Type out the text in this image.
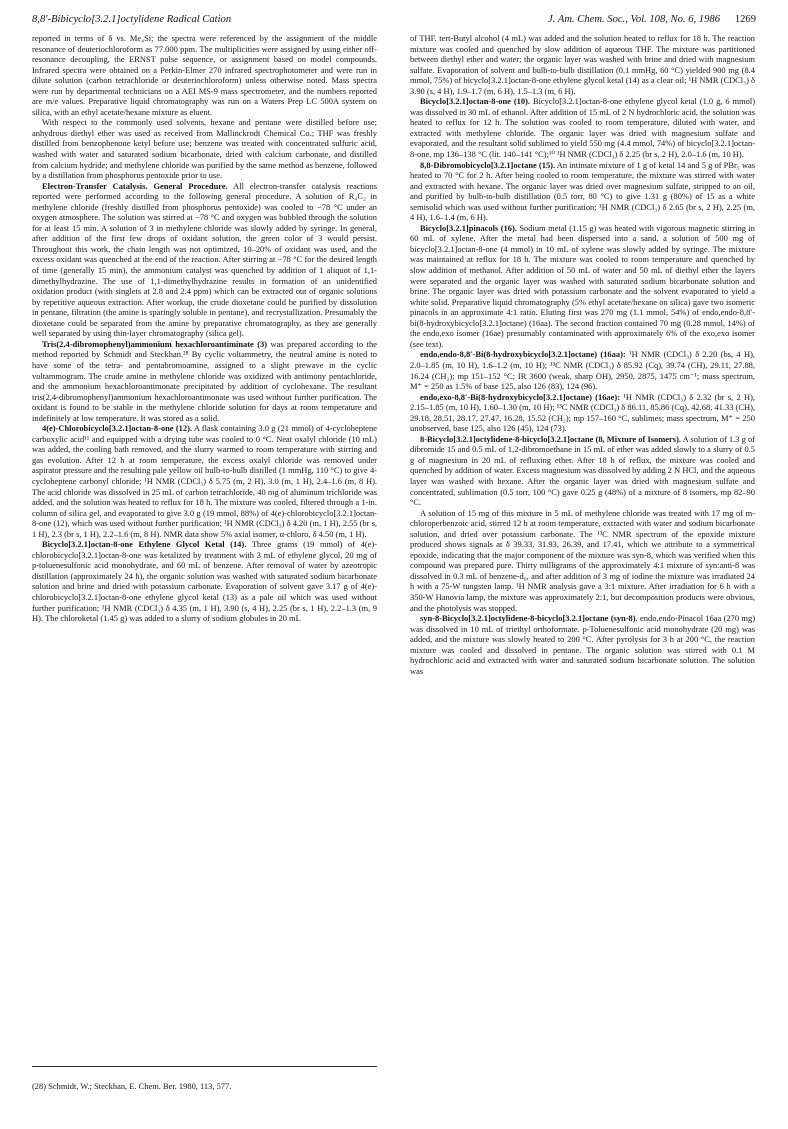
8,8′-Bibicyclo[3.2.1]octylidene Radical Cation	J. Am. Chem. Soc., Vol. 108, No. 6, 1986 1269

reported in terms of δ vs. Me₄Si; the spectra were referenced by the assignment of the middle resonance of deuteriochloroform as 77.000 ppm. The multiplicities were assigned by using either off-resonance decoupling, the ERNST pulse sequence, or assignment based on model compounds. Infrared spectra were obtained on a Perkin-Elmer 270 infrared spectrophotometer and were run in dilute solution (carbon tetrachloride or deuteriochloroform) unless otherwise noted. Mass spectra were run by departmental technicians on a AEI MS-9 mass spectrometer, and the numbers reported are m/e values. Preparative liquid chromatography was run on a Waters Prep LC 500A system on silica, with an ethyl acetate/hexane mixture as eluent.

With respect to the commonly used solvents, hexane and pentane were distilled before use; anhydrous diethyl ether was used as received from Mallinckrodt Chemical Co.; THF was freshly distilled from benzophenone ketyl before use; benzene was treated with concentrated sulfuric acid, washed with water and saturated sodium bicarbonate, dried with calcium carbonate, and distilled from calcium hydride; and methylene chloride was purified by the same method as benzene, followed by a distillation from phosphorus pentoxide prior to use.

Electron-Transfer Catalysis. General Procedure. All electron-transfer catalysis reactions reported were performed according to the following general procedure. A solution of R₄C₂ in methylene chloride (freshly distilled from phosphorus pentoxide) was cooled to −78 °C under an oxygen atmosphere. The solution was stirred at −78 °C and oxygen was bubbled through the solution for at least 15 min. A solution of 3 in methylene chloride was slowly added by syringe. In general, after addition of the first few drops of oxidant solution, the green color of 3 would persist. Throughout this work, the chain length was not optimized, 10–20% of oxidant was used, and the excess oxidant was quenched at the end of the reaction. After stirring at −78 °C for the desired length of time (generally 15 min), the ammonium catalyst was quenched by addition of 1 aliquot of 1,1-dimethylhydrazine. The use of 1,1-dimethylhydrazine results in formation of an unidentified oxidation product (with singlets at 2.8 and 2.4 ppm) which can be extracted out of organic solutions by repetitive aqueous extraction. After workup, the crude dioxetane could be purified by dissolution in pentane, filtration (the amine is sparingly soluble in pentane), and recrystallization. Presumably the dioxetane could be separated from the amine by preparative chromatography, as they are generally well separated by using thin-layer chromatography (silica gel).

Tris(2,4-dibromophenyl)ammonium hexachloroantiminate (3) was prepared according to the method reported by Schmidt and Steckhan.²⁸ By cyclic voltammetry, the neutral amine is noted to have some of the tetra- and pentabromoamine, assigned to a slight prewave in the cyclic voltammogram. The crude amine in methylene chloride was oxidized with antimony pentachloride, and the ammonium hexachloroantimonate precipitated by addition of cyclohexane. The resultant tris(2,4-dibromophenyl)ammonium hexachloroantimonate was used without further purification. The oxidant is found to be stable in the methylene chloride solution for days at room temperature and indefinitely at low temperature. It was stored as a solid.

4(e)-Chlorobicyclo[3.2.1]octan-8-one (12). A flask containing 3.0 g (21 mmol) of 4-cycloheptene carboxylic acid¹¹ and equipped with a drying tube was cooled to 0 °C. Neat oxalyl chloride (10 mL) was added, the cooling bath removed, and the slurry warmed to room temperature with stirring and gas evolution. After 12 h at room temperature, the excess oxalyl chloride was removed under aspirator pressure and the resulting pale yellow oil bulb-to-bulb distilled (1 mmHg, 110 °C) to give 4-cycloheptene carbonyl chloride; ¹H NMR (CDCl₃) δ 5.75 (m, 2 H), 3.0 (m, 1 H), 2.4–1.6 (m, 8 H). The acid chloride was dissolved in 25 mL of carbon tetrachloride, 40 mg of aluminum trichloride was added, and the solution was heated to reflux for 18 h. The mixture was cooled, filtered through a 1-in. column of silica gel, and evaporated to give 3.0 g (19 mmol, 88%) of 4(e)-chlorobicyclo[3.2.1]octan-8-one (12), which was used without further purification; ¹H NMR (CDCl₃) δ 4.20 (m, 1 H), 2.55 (br s, 1 H), 2.3 (br s, 1 H), 2.2–1.6 (m, 8 H). NMR data show 5% axial isomer, α-chloro, δ 4.50 (m, 1 H).

Bicyclo[3.2.1]octan-8-one Ethylene Glycol Ketal (14). Three grams (19 mmol) of 4(e)-chlorobicyclo[3.2.1]octan-8-one was ketalized by treatment with 3 mL of ethylene glycol, 20 mg of p-toluenesulfonic acid monohydrate, and 60 mL of benzene. After removal of water by azeotropic distillation (approximately 24 h), the organic solution was washed with saturated sodium bicarbonate solution and brine and dried with potassium carbonate. Evaporation of solvent gave 3.17 g of 4(e)-chlorobicyclo[3.2.1]octan-8-one ethylene glycol ketal (13) as a pale oil which was used without further purification; ¹H NMR (CDCl₃) δ 4.35 (m, 1 H), 3.90 (s, 4 H), 2.25 (br s, 1 H), 2.2–1.3 (m, 9 H). The chloroketal (1.45 g) was added to a slurry of sodium globules in 20 mL

of THF. tert-Butyl alcohol (4 mL) was added and the solution heated to reflux for 18 h. The reaction mixture was cooled and quenched by slow addition of aqueous THF. The mixture was partitioned between diethyl ether and water; the organic layer was washed with brine and dried with magnesium sulfate. Evaporation of solvent and bulb-to-bulb distillation (0.1 mmHg, 60 °C) yielded 900 mg (8.4 mmol, 75%) of bicyclo[3.2.1]octan-8-one ethylene glycol ketal (14) as a clear oil; ¹H NMR (CDCl₃) δ 3.90 (s, 4 H), 1.9–1.7 (m, 6 H), 1.5–1.3 (m, 6 H).

Bicyclo[3.2.1]octan-8-one (10). Bicyclo[3.2.1]octan-8-one ethylene glycol ketal (1.0 g, 6 mmol) was dissolved in 30 mL of ethanol. After addition of 15 mL of 2 N hydrochloric acid, the solution was heated to reflux for 12 h. The solution was cooled to room temperature, diluted with water, and extracted with methylene chloride. The organic layer was dried with magnesium sulfate and evaporated, and the resultant solid sublimed to yield 550 mg (4.4 mmol, 74%) of bicyclo[3.2.1]octan-8-one, mp 136–138 °C (lit. 140–141 °C);¹⁰ ¹H NMR (CDCl₃) δ 2.25 (br s, 2 H), 2.0–1.6 (m, 10 H).

8,8-Dibromobicyclo[3.2.1]octane (15). An intimate mixture of 1 g of ketal 14 and 5 g of PBr₅ was heated to 70 °C for 2 h. After being cooled to room temperature, the mixture was stirred with water and extracted with hexane. The organic layer was dried over magnesium sulfate, stripped to an oil, and purified by bulb-to-bulb distillation (0.5 torr, 80 °C) to give 1.31 g (80%) of 15 as a white semisolid which was used without further purification; ¹H NMR (CDCl₃) δ 2.65 (br s, 2 H), 2.25 (m, 4 H), 1.6–1.4 (m, 6 H).

Bicyclo[3.2.1]pinacols (16). Sodium metal (1.15 g) was heated with vigorous magnetic stirring in 60 mL of xylene. After the metal had been dispersed into a sand, a solution of 500 mg of bicyclo[3.2.1]octan-8-one (4 mmol) in 10 mL of xylene was slowly added by syringe. The mixture was maintained at reflux for 18 h. The mixture was cooled to room temperature and quenched by slow addition of methanol. After addition of 50 mL of water and 50 mL of diethyl ether the layers were separated and the organic layer was washed with saturated sodium bicarbonate solution and brine. The organic layer was dried with potassium carbonate and the solvent evaporated to yield a white solid. Preparative liquid chromatography (5% ethyl acetate/hexane on silica) gave two isomeric pinacols in an approximate 4:1 ratio. Eluting first was 270 mg (1.1 mmol, 54%) of endo,endo-8,8′-bi(8-hydroxybicyclo[3.2.1]octane) (16aa). The second fraction contained 70 mg (0.28 mmol, 14%) of the endo,exo isomer (16ae) presumably contaminated with approximately 6% of the exo,exo isomer (see text).

endo,endo-8,8′-Bi(8-hydroxybicyclo[3.2.1]octane) (16aa): ¹H NMR (CDCl₃) δ 2.20 (bs, 4 H), 2.0–1.85 (m, 10 H), 1.6–1.2 (m, 10 H); ¹³C NMR (CDCl₃) δ 85.92 (Cq), 39.74 (CH), 29.11, 27.88, 16.24 (CH₂); mp 151–152 °C; IR 3600 (weak, sharp OH), 2950, 2875, 1475 cm⁻¹; mass spectrum, M⁺ = 250 as 1.5% of base 125, also 126 (83), 124 (96).

endo,exo-8,8′-Bi(8-hydroxybicyclo[3.2.1]octane) (16ae): ¹H NMR (CDCl₃) δ 2.32 (br s, 2 H), 2.15–1.85 (m, 10 H), 1.60–1.30 (m, 10 H); ¹³C NMR (CDCl₃) δ 86.11, 85.86 (Cq), 42.68, 41.33 (CH), 29.18, 28.51, 28.17, 27.47, 16.28, 15.52 (CH₂); mp 157–160 °C, sublimes; mass spectrum, M⁺ = 250 unobserved, base 125, also 126 (45), 124 (73).

8-Bicyclo[3.2.1]octylidene-8-bicyclo[3.2.1]octane (8, Mixture of Isomers). A solution of 1.3 g of dibromide 15 and 0.5 mL of 1,2-dibromoethane in 15 mL of ether was added slowly to a slurry of 0.5 g of magnesium in 20 mL of refluxing ether. After 18 h of reflux, the mixture was cooled and quenched by addition of water. Excess magnesium was dissolved by adding 2 N HCl, and the aqueous layer was washed with hexane. After the organic layer was dried with magnesium sulfate and concentrated, sublimation (0.5 torr, 100 °C) gave 0.25 g (48%) of a mixture of 8 isomers, mp 82–90 °C.

A solution of 15 mg of this mixture in 5 mL of methylene chloride was treated with 17 mg of m-chloroperbenzoic acid, stirred 12 h at room temperature, extracted with water and sodium bicarbonate solution, and dried over potassium carbonate. The ¹³C NMR spectrum of the epoxide mixture produced shows signals at δ 39.33, 31.93, 26.39, and 17.41, which we attribute to a symmetrical epoxide, indicating that the major component of the mixture was syn-8, which was verified when this compound was prepared pure. Thirty milligrams of the approximately 4:1 mixture of syn:anti-8 was dissolved in 0.3 mL of benzene-d₆, and after addition of 3 mg of iodine the mixture was irradiated 24 h with a 75-W tungsten lamp. ¹H NMR analysis gave a 3:1 mixture. After irradiation for 6 h with a 350-W Hanovia lamp, the mixture was approximately 2:1, but decomposition products were obvious, and the photolysis was stopped.

syn-8-Bicyclo[3.2.1]octylidene-8-bicyclo[3.2.1]octane (syn-8). endo,endo-Pinacol 16aa (270 mg) was dissolved in 10 mL of triethyl orthoformate. p-Toluenesulfonic acid monohydrate (20 mg) was added, and the mixture was slowly heated to 200 °C. After pyrolysis for 3 h at 200 °C, the reaction mixture was cooled and dissolved in pentane. The organic solution was stirred with 0.1 M hydrochloric acid and extracted with water and saturated sodium bicarbonate solution. The solution was

(28) Schmidt, W.; Steckhan, E. Chem. Ber. 1980, 113, 577.
